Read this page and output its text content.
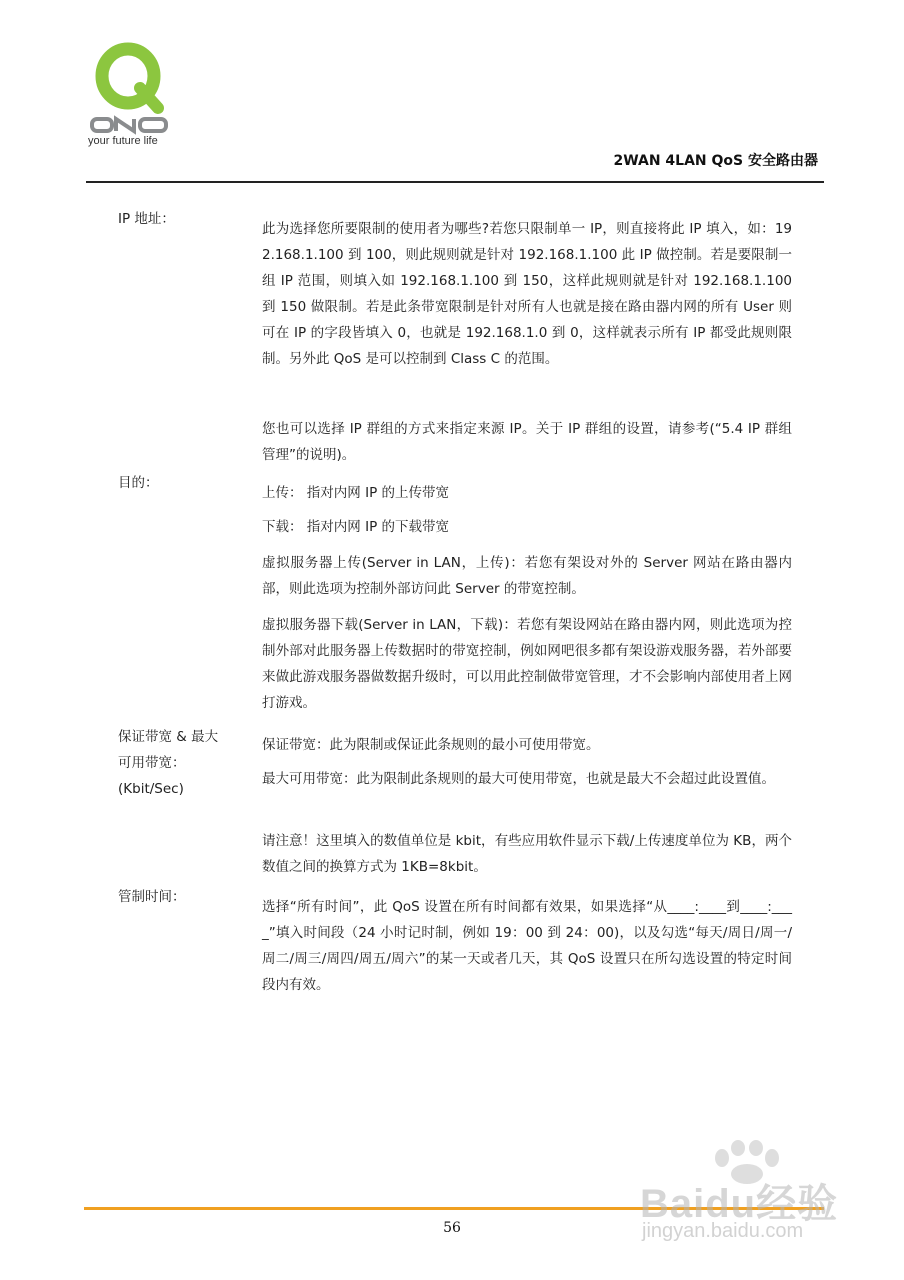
your future life
2WAN 4LAN QoS 安全路由器
IP 地址：
此为选择您所要限制的使用者为哪些?若您只限制单一 IP，则直接将此 IP 填入，如：192.168.1.100 到 100，则此规则就是针对 192.168.1.100 此 IP 做控制。若是要限制一组 IP 范围，则填入如 192.168.1.100 到 150，这样此规则就是针对 192.168.1.100 到 150 做限制。若是此条带宽限制是针对所有人也就是接在路由器内网的所有 User 则可在 IP 的字段皆填入 0，也就是 192.168.1.0 到 0，这样就表示所有 IP 都受此规则限制。另外此 QoS 是可以控制到 Class C 的范围。
您也可以选择 IP 群组的方式来指定来源 IP。关于 IP 群组的设置，请参考(“5.4 IP 群组管理”的说明)。
目的：
上传： 指对内网 IP 的上传带宽
下载： 指对内网 IP 的下载带宽
虚拟服务器上传(Server in LAN，上传)：若您有架设对外的 Server 网站在路由器内部，则此选项为控制外部访问此 Server 的带宽控制。
虚拟服务器下载(Server in LAN，下载)：若您有架设网站在路由器内网，则此选项为控制外部对此服务器上传数据时的带宽控制，例如网吧很多都有架设游戏服务器，若外部要来做此游戏服务器做数据升级时，可以用此控制做带宽管理，才不会影响内部使用者上网打游戏。
保证带宽 & 最大
可用带宽：
(Kbit/Sec)
保证带宽：此为限制或保证此条规则的最小可使用带宽。
最大可用带宽：此为限制此条规则的最大可使用带宽，也就是最大不会超过此设置值。
请注意！这里填入的数值单位是 kbit，有些应用软件显示下载/上传速度单位为 KB，两个数值之间的换算方式为 1KB=8kbit。
管制时间：
选择“所有时间”，此 QoS 设置在所有时间都有效果，如果选择“从____:____到____:____”填入时间段（24 小时记时制，例如 19：00 到 24：00)，以及勾选“每天/周日/周一/周二/周三/周四/周五/周六”的某一天或者几天，其 QoS 设置只在所勾选设置的特定时间段内有效。
56
Baidu经验
jingyan.baidu.com
